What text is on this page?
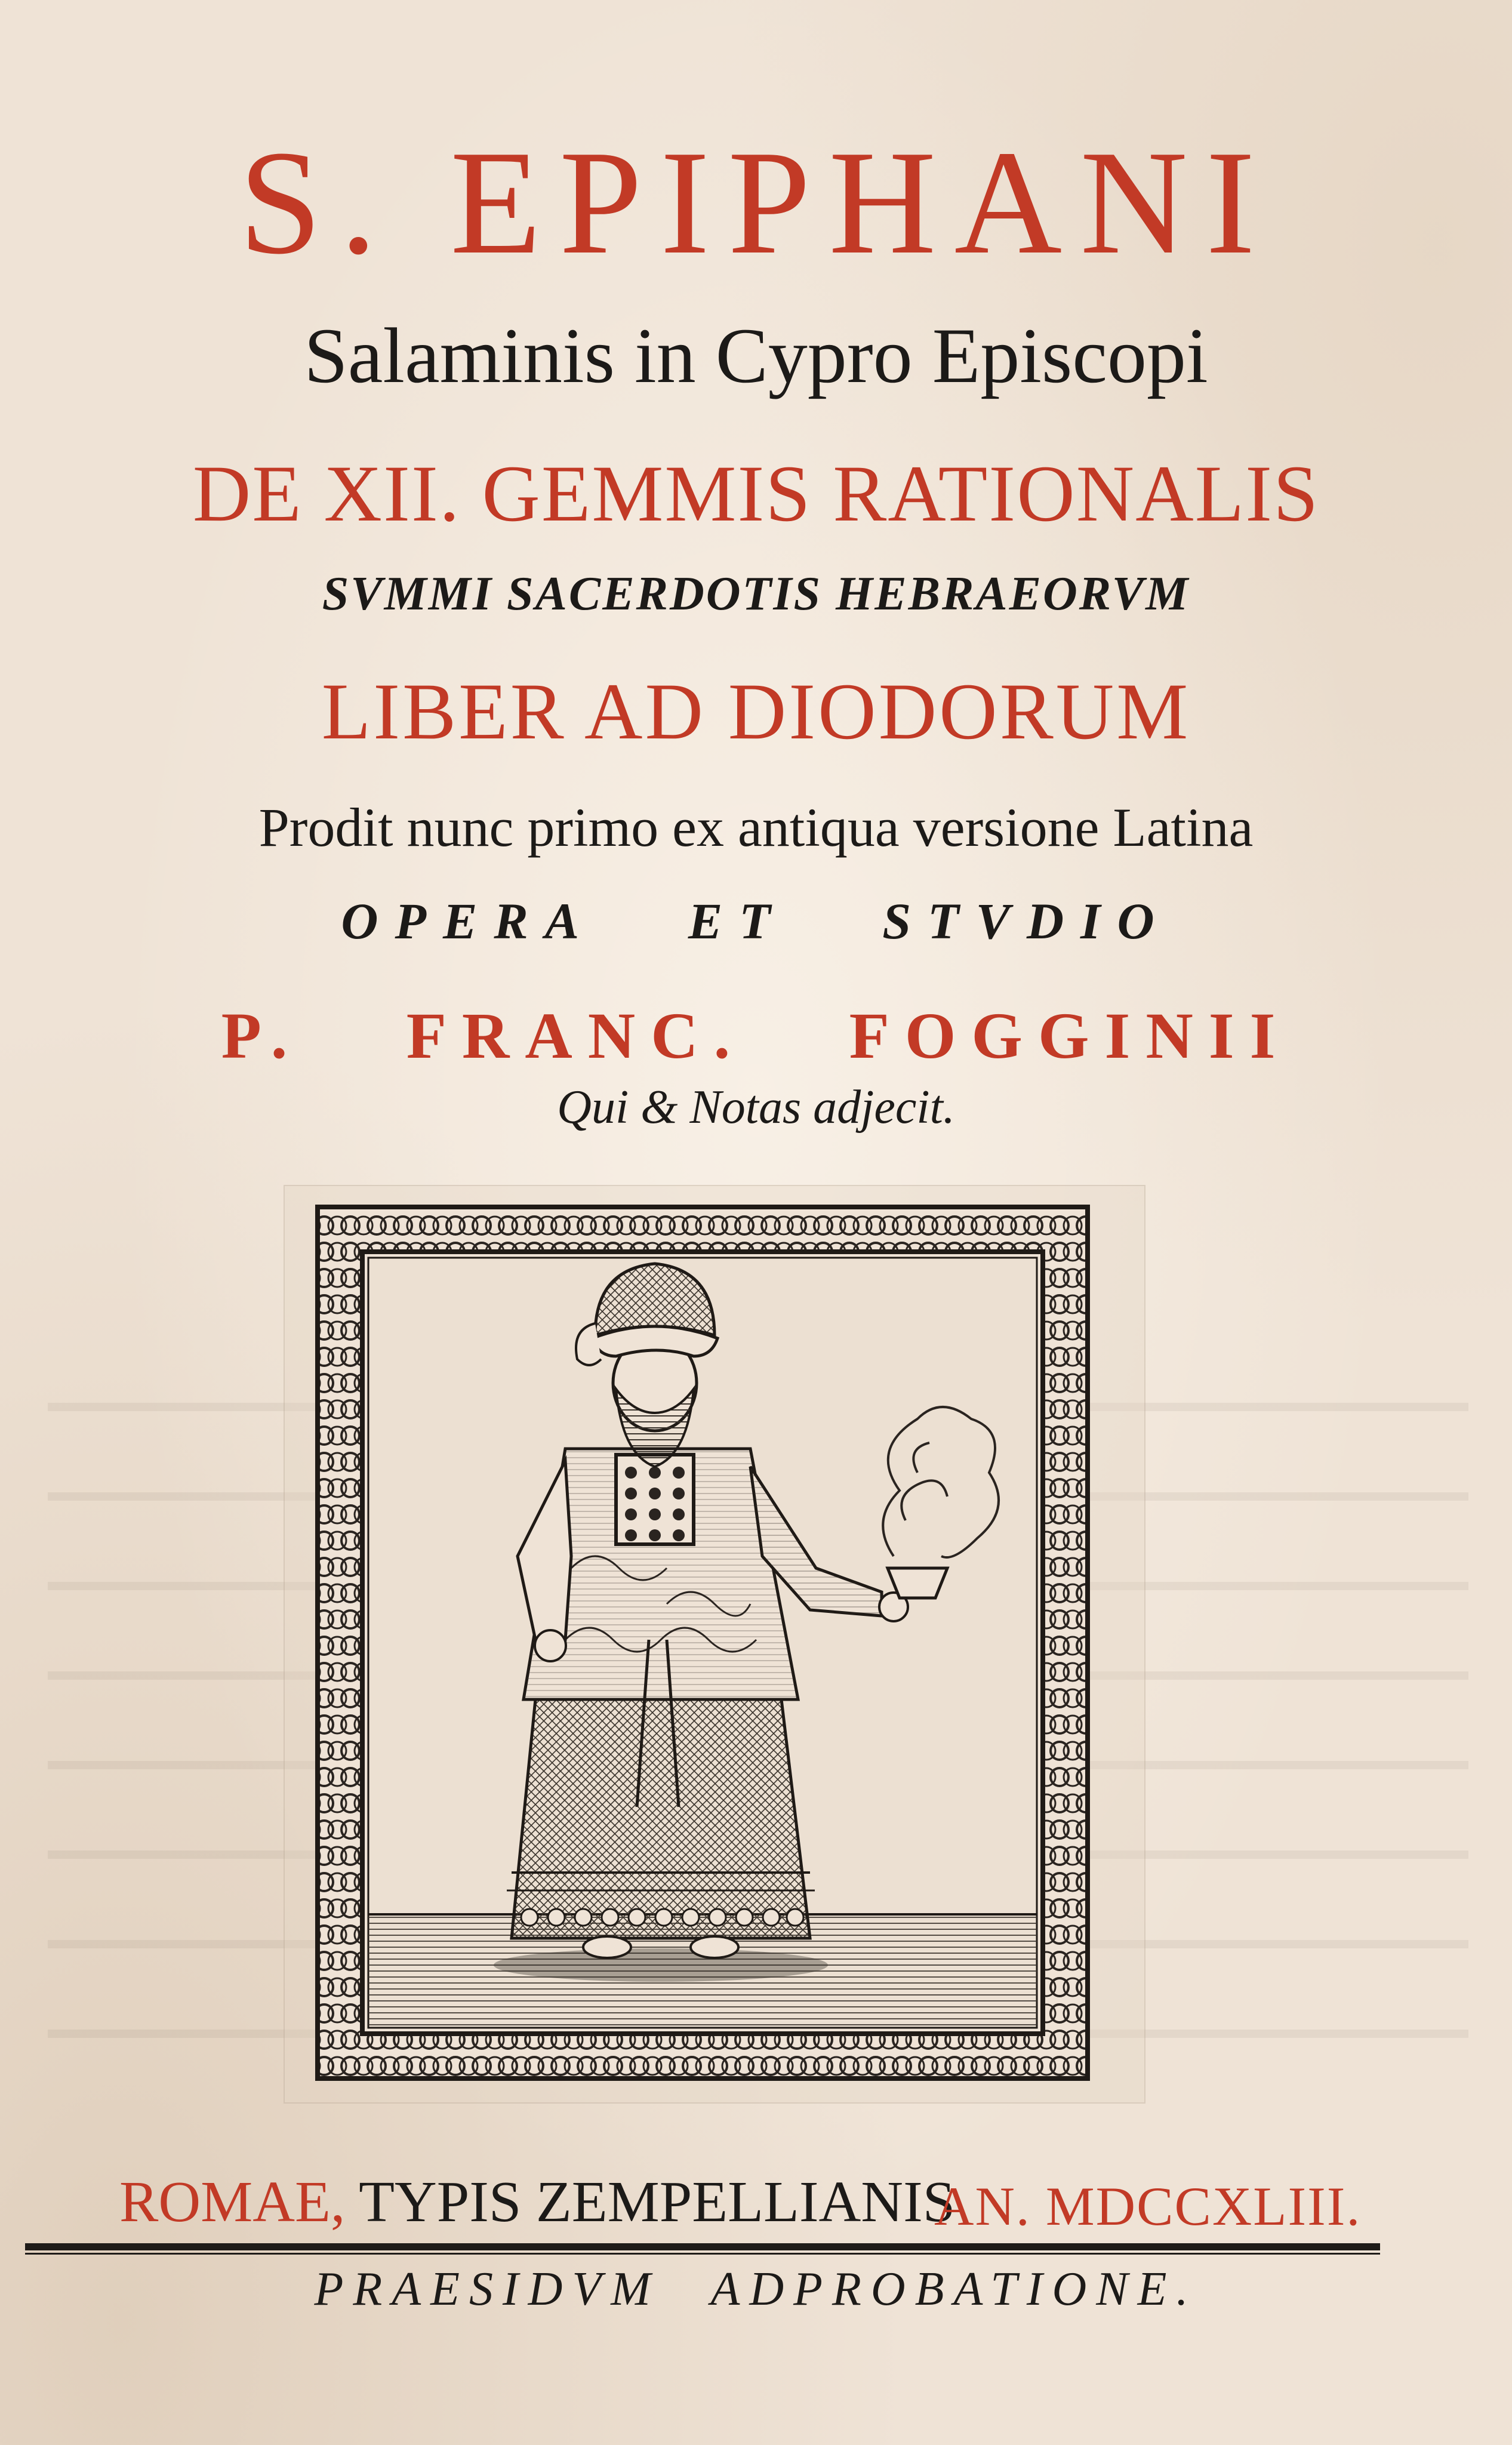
S. EPIPHANI
Salaminis in Cypro Episcopi
DE XII. GEMMIS RATIONALIS
SVMMI SACERDOTIS HEBRAEORVM
LIBER AD DIODORUM
Prodit nunc primo ex antiqua versione Latina
OPERA ET STVDIO
P. FRANC. FOGGINII
Qui & Notas adjecit.
ROMAE, TYPIS ZEMPELLIANIS
AN. MDCCXLIII.
PRAESIDVM ADPROBATIONE.
